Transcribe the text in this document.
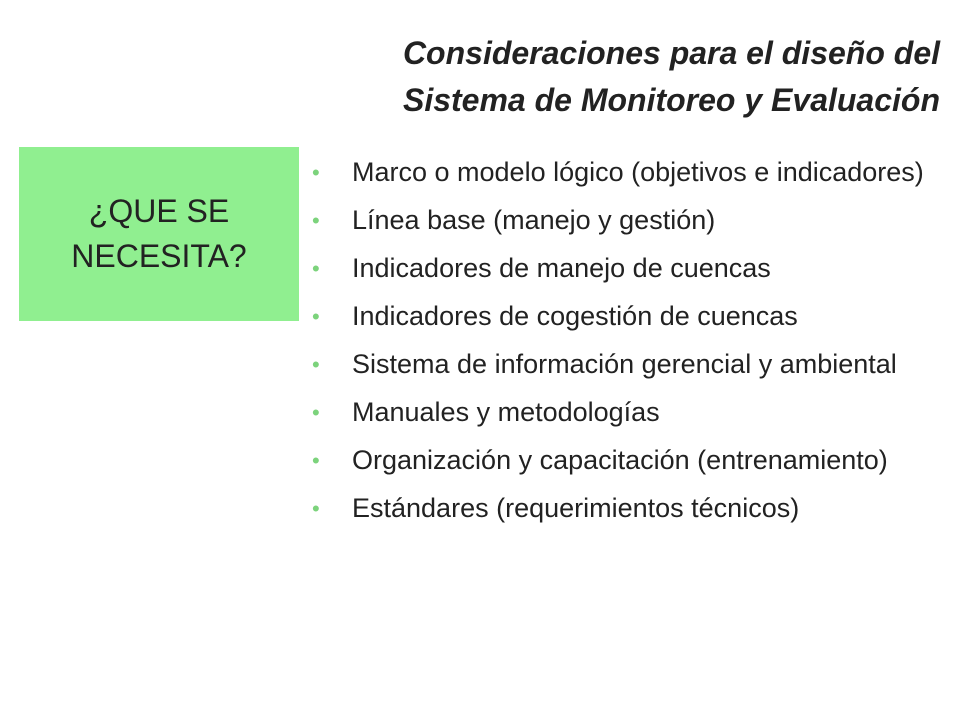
Consideraciones para el diseño del
Sistema de Monitoreo y Evaluación
¿QUE SE NECESITA?
• Marco o modelo lógico (objetivos e indicadores)
• Línea base (manejo y gestión)
• Indicadores de manejo de cuencas
• Indicadores de cogestión de cuencas
• Sistema de información gerencial y ambiental
• Manuales y metodologías
• Organización y capacitación (entrenamiento)
• Estándares (requerimientos técnicos)
